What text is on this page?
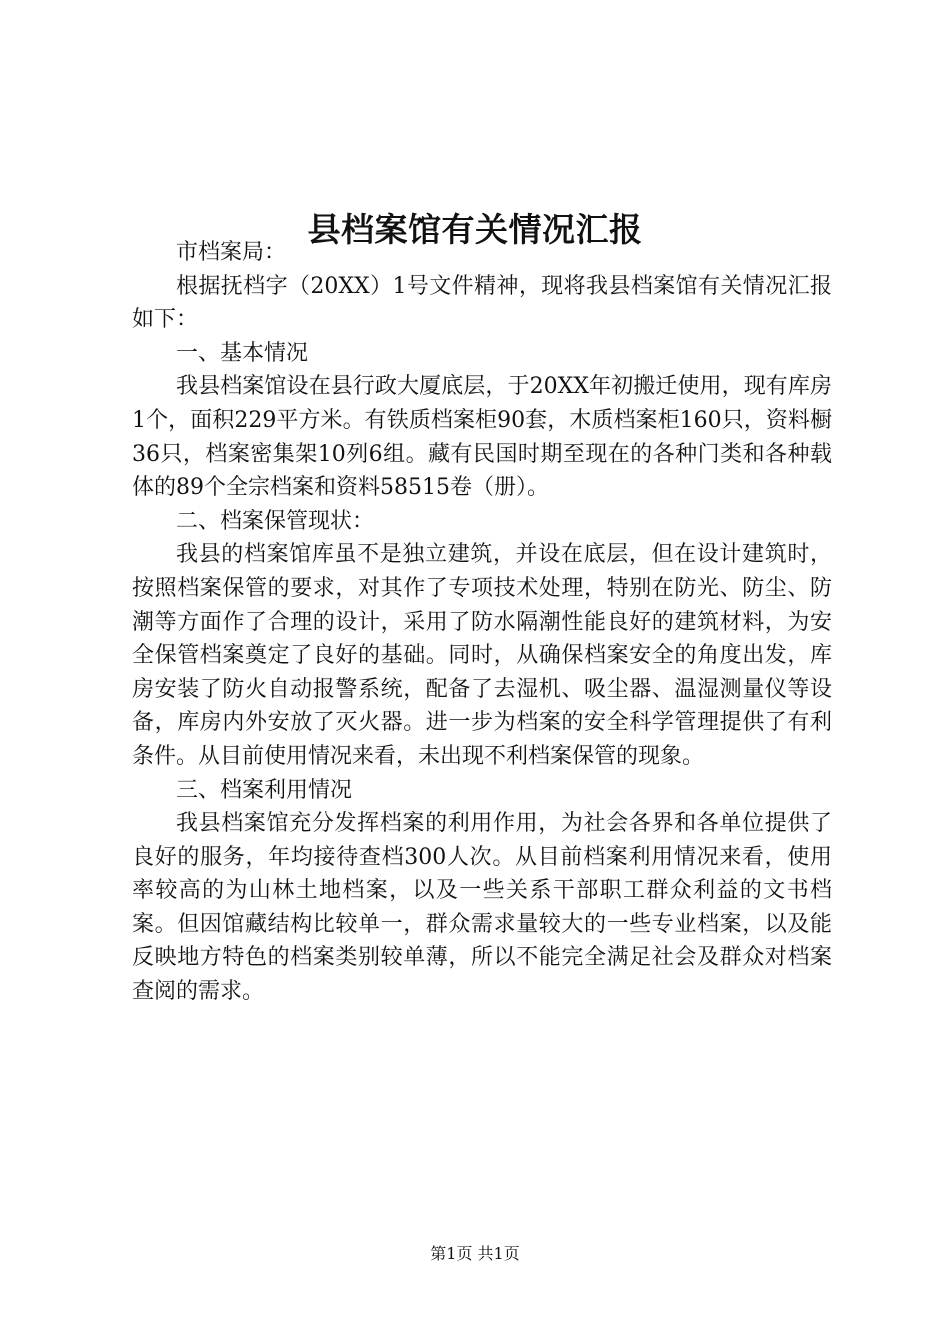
县档案馆有关情况汇报

市档案局：

根据抚档字（20XX）1号文件精神，现将我县档案馆有关情况汇报如下：

一、基本情况

我县档案馆设在县行政大厦底层，于20XX年初搬迁使用，现有库房1个，面积229平方米。有铁质档案柜90套，木质档案柜160只，资料橱36只，档案密集架10列6组。藏有民国时期至现在的各种门类和各种载体的89个全宗档案和资料58515卷（册）。

二、档案保管现状：

我县的档案馆库虽不是独立建筑，并设在底层，但在设计建筑时，按照档案保管的要求，对其作了专项技术处理，特别在防光、防尘、防潮等方面作了合理的设计，采用了防水隔潮性能良好的建筑材料，为安全保管档案奠定了良好的基础。同时，从确保档案安全的角度出发，库房安装了防火自动报警系统，配备了去湿机、吸尘器、温湿测量仪等设备，库房内外安放了灭火器。进一步为档案的安全科学管理提供了有利条件。从目前使用情况来看，未出现不利档案保管的现象。

三、档案利用情况

我县档案馆充分发挥档案的利用作用，为社会各界和各单位提供了良好的服务，年均接待查档300人次。从目前档案利用情况来看，使用率较高的为山林土地档案，以及一些关系干部职工群众利益的文书档案。但因馆藏结构比较单一，群众需求量较大的一些专业档案，以及能反映地方特色的档案类别较单薄，所以不能完全满足社会及群众对档案查阅的需求。

第1页 共1页
